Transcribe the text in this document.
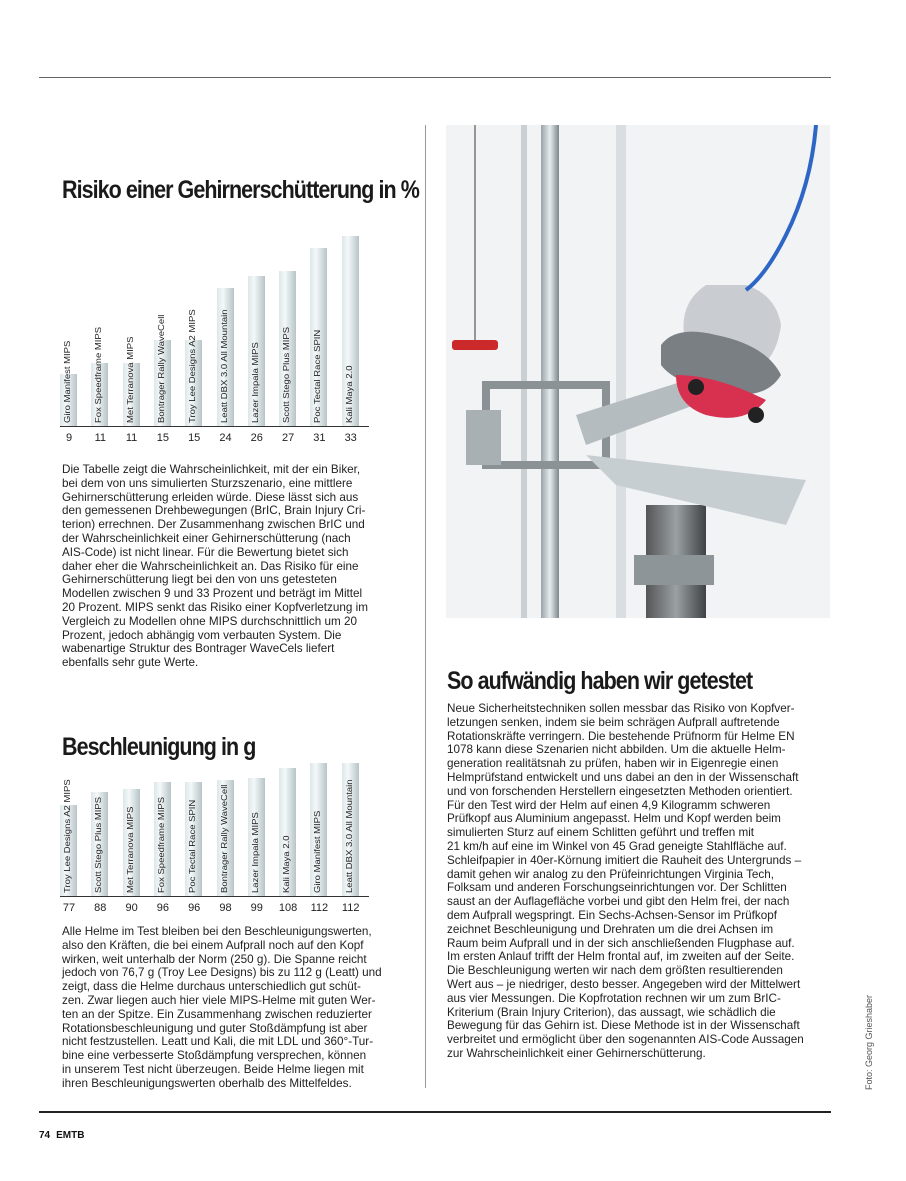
Risiko einer Gehirnerschütterung in %
Giro Manifest MIPS
9
Fox Speedframe MIPS
11
Met Terranova MIPS
11
Bontrager Rally WaveCell
15
Troy Lee Designs A2 MIPS
15
Leatt DBX 3.0 All Mountain
24
Lazer Impala MIPS
26
Scott Stego Plus MIPS
27
Poc Tectal Race SPIN
31
Kali Maya 2.0
33
Die Tabelle zeigt die Wahrscheinlichkeit, mit der ein Biker,
bei dem von uns simulierten Sturzszenario, eine mittlere
Gehirnerschütterung erleiden würde. Diese lässt sich aus
den gemessenen Drehbewegungen (BrIC, Brain Injury Cri-
terion) errechnen. Der Zusammenhang zwischen BrIC und
der Wahrscheinlichkeit einer Gehirnerschütterung (nach
AIS-Code) ist nicht linear. Für die Bewertung bietet sich
daher eher die Wahrscheinlichkeit an. Das Risiko für eine
Gehirnerschütterung liegt bei den von uns getesteten
Modellen zwischen 9 und 33 Prozent und beträgt im Mittel
20 Prozent. MIPS senkt das Risiko einer Kopfverletzung im
Vergleich zu Modellen ohne MIPS durchschnittlich um 20
Prozent, jedoch abhängig vom verbauten System. Die
wabenartige Struktur des Bontrager WaveCels liefert
ebenfalls sehr gute Werte.
Beschleunigung in g
Troy Lee Designs A2 MIPS
77
Scott Stego Plus MIPS
88
Met Terranova MIPS
90
Fox Speedframe MIPS
96
Poc Tectal Race SPIN
96
Bontrager Rally WaveCell
98
Lazer Impala MIPS
99
Kali Maya 2.0
108
Giro Manifest MIPS
112
Leatt DBX 3.0 All Mountain
112
Alle Helme im Test bleiben bei den Beschleunigungswerten,
also den Kräften, die bei einem Aufprall noch auf den Kopf
wirken, weit unterhalb der Norm (250 g). Die Spanne reicht
jedoch von 76,7 g (Troy Lee Designs) bis zu 112 g (Leatt) und
zeigt, dass die Helme durchaus unterschiedlich gut schüt-
zen. Zwar liegen auch hier viele MIPS-Helme mit guten Wer-
ten an der Spitze. Ein Zusammenhang zwischen reduzierter
Rotationsbeschleunigung und guter Stoßdämpfung ist aber
nicht festzustellen. Leatt und Kali, die mit LDL und 360°-Tur-
bine eine verbesserte Stoßdämpfung versprechen, können
in unserem Test nicht überzeugen. Beide Helme liegen mit
ihren Beschleunigungswerten oberhalb des Mittelfeldes.
So aufwändig haben wir getestet
Neue Sicherheitstechniken sollen messbar das Risiko von Kopfver-
letzungen senken, indem sie beim schrägen Aufprall auftretende
Rotationskräfte verringern. Die bestehende Prüfnorm für Helme EN
1078 kann diese Szenarien nicht abbilden. Um die aktuelle Helm-
generation realitätsnah zu prüfen, haben wir in Eigenregie einen
Helmprüfstand entwickelt und uns dabei an den in der Wissenschaft
und von forschenden Herstellern eingesetzten Methoden orientiert.
Für den Test wird der Helm auf einen 4,9 Kilogramm schweren
Prüfkopf aus Aluminium angepasst. Helm und Kopf werden beim
simulierten Sturz auf einem Schlitten geführt und treffen mit
21 km/h auf eine im Winkel von 45 Grad geneigte Stahlfläche auf.
Schleifpapier in 40er-Körnung imitiert die Rauheit des Untergrunds –
damit gehen wir analog zu den Prüfeinrichtungen Virginia Tech,
Folksam und anderen Forschungseinrichtungen vor. Der Schlitten
saust an der Auflagefläche vorbei und gibt den Helm frei, der nach
dem Aufprall wegspringt. Ein Sechs-Achsen-Sensor im Prüfkopf
zeichnet Beschleunigung und Drehraten um die drei Achsen im
Raum beim Aufprall und in der sich anschließenden Flugphase auf.
Im ersten Anlauf trifft der Helm frontal auf, im zweiten auf der Seite.
Die Beschleunigung werten wir nach dem größten resultierenden
Wert aus – je niedriger, desto besser. Angegeben wird der Mittelwert
aus vier Messungen. Die Kopfrotation rechnen wir um zum BrIC-
Kriterium (Brain Injury Criterion), das aussagt, wie schädlich die
Bewegung für das Gehirn ist. Diese Methode ist in der Wissenschaft
verbreitet und ermöglicht über den sogenannten AIS-Code Aussagen
zur Wahrscheinlichkeit einer Gehirnerschütterung.	Foto: Georg Grieshaber
74 EMTB
